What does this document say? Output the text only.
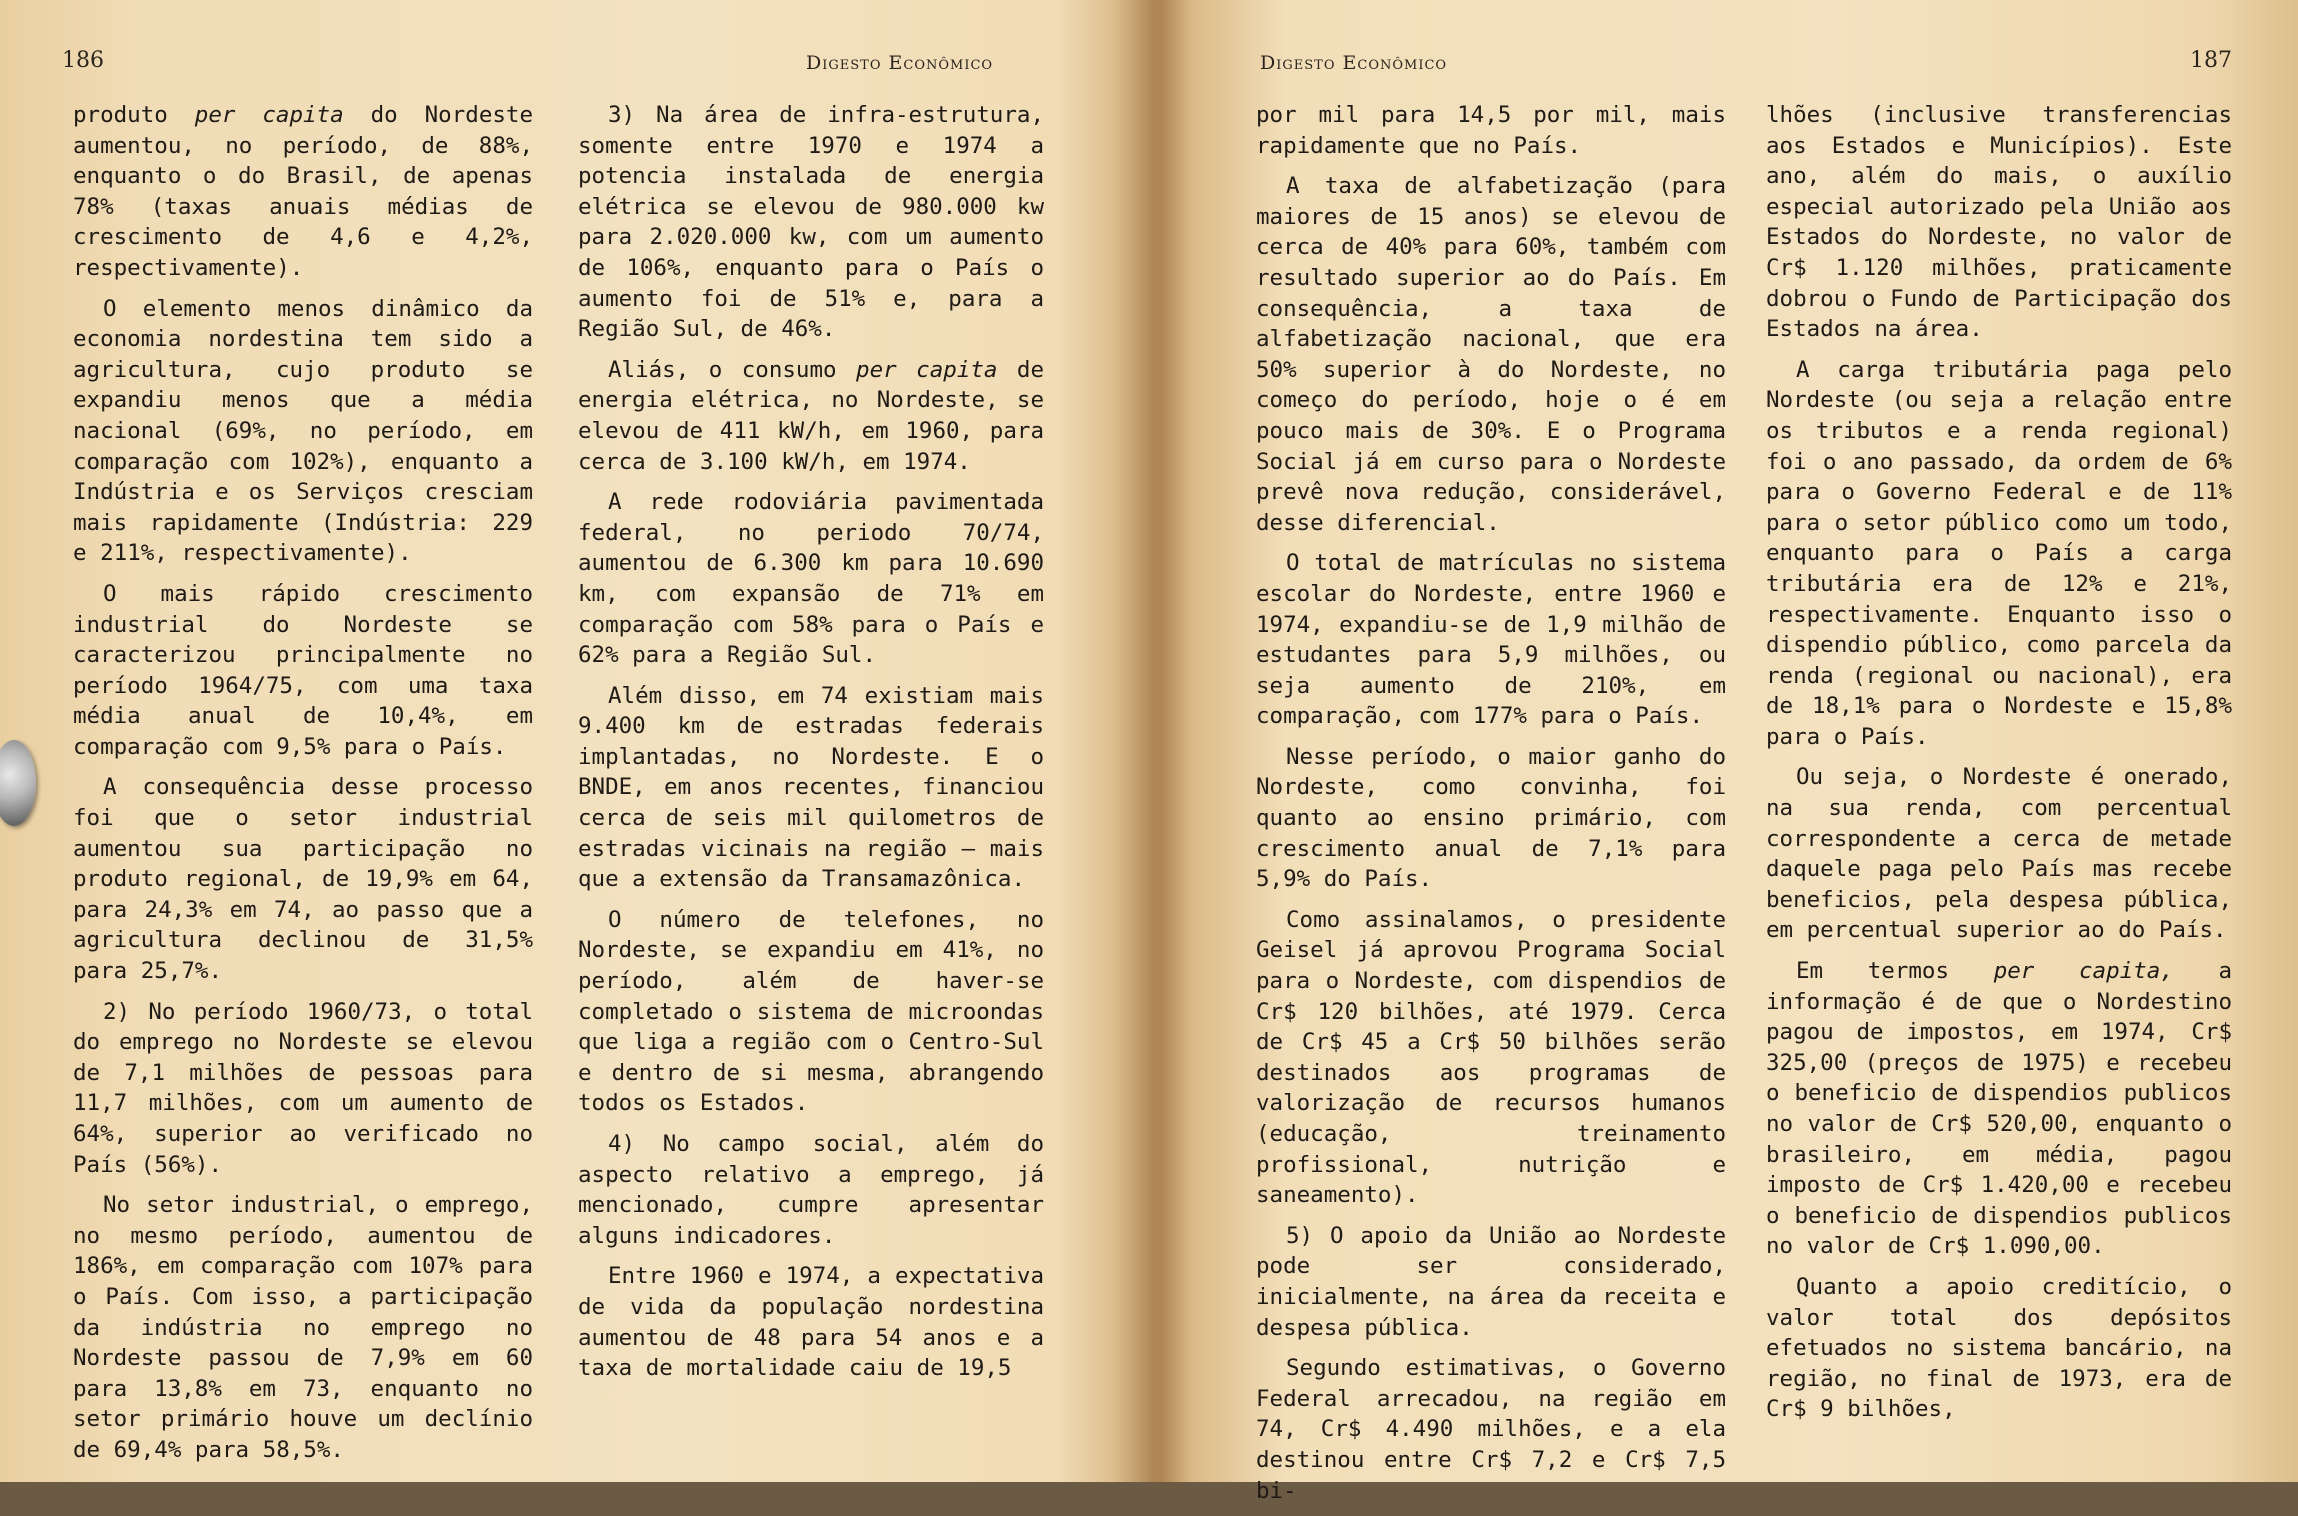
186	Digesto Econômico

produto per capita do Nordeste aumentou, no período, de 88%, enquanto o do Brasil, de apenas 78% (taxas anuais médias de crescimento de 4,6 e 4,2%, respectivamente).

O elemento menos dinâmico da economia nordestina tem sido a agricultura, cujo produto se expandiu menos que a média nacional (69%, no período, em comparação com 102%), enquanto a Indústria e os Serviços cresciam mais rapidamente (Indústria: 229 e 211%, respectivamente).

O mais rápido crescimento industrial do Nordeste se caracterizou principalmente no período 1964/75, com uma taxa média anual de 10,4%, em comparação com 9,5% para o País.

A consequência desse processo foi que o setor industrial aumentou sua participação no produto regional, de 19,9% em 64, para 24,3% em 74, ao passo que a agricultura declinou de 31,5% para 25,7%.

2) No período 1960/73, o total do emprego no Nordeste se elevou de 7,1 milhões de pessoas para 11,7 milhões, com um aumento de 64%, superior ao verificado no País (56%).

No setor industrial, o emprego, no mesmo período, aumentou de 186%, em comparação com 107% para o País. Com isso, a participação da indústria no emprego no Nordeste passou de 7,9% em 60 para 13,8% em 73, enquanto no setor primário houve um declínio de 69,4% para 58,5%.

3) Na área de infra-estrutura, somente entre 1970 e 1974 a potencia instalada de energia elétrica se elevou de 980.000 kw para 2.020.000 kw, com um aumento de 106%, enquanto para o País o aumento foi de 51% e, para a Região Sul, de 46%.

Aliás, o consumo per capita de energia elétrica, no Nordeste, se elevou de 411 kW/h, em 1960, para cerca de 3.100 kW/h, em 1974.

A rede rodoviária pavimentada federal, no periodo 70/74, aumentou de 6.300 km para 10.690 km, com expansão de 71% em comparação com 58% para o País e 62% para a Região Sul.

Além disso, em 74 existiam mais 9.400 km de estradas federais implantadas, no Nordeste. E o BNDE, em anos recentes, financiou cerca de seis mil quilometros de estradas vicinais na região — mais que a extensão da Transamazônica.

O número de telefones, no Nordeste, se expandiu em 41%, no período, além de haver-se completado o sistema de microondas que liga a região com o Centro-Sul e dentro de si mesma, abrangendo todos os Estados.

4) No campo social, além do aspecto relativo a emprego, já mencionado, cumpre apresentar alguns indicadores.

Entre 1960 e 1974, a expectativa de vida da população nordestina aumentou de 48 para 54 anos e a taxa de mortalidade caiu de 19,5

187
Digesto Econômico

por mil para 14,5 por mil, mais rapidamente que no País.

A taxa de alfabetização (para maiores de 15 anos) se elevou de cerca de 40% para 60%, também com resultado superior ao do País. Em consequência, a taxa de alfabetização nacional, que era 50% superior à do Nordeste, no começo do período, hoje o é em pouco mais de 30%. E o Programa Social já em curso para o Nordeste prevê nova redução, considerável, desse diferencial.

O total de matrículas no sistema escolar do Nordeste, entre 1960 e 1974, expandiu-se de 1,9 milhão de estudantes para 5,9 milhões, ou seja aumento de 210%, em comparação, com 177% para o País.

Nesse período, o maior ganho do Nordeste, como convinha, foi quanto ao ensino primário, com crescimento anual de 7,1% para 5,9% do País.

Como assinalamos, o presidente Geisel já aprovou Programa Social para o Nordeste, com dispendios de Cr$ 120 bilhões, até 1979. Cerca de Cr$ 45 a Cr$ 50 bilhões serão destinados aos programas de valorização de recursos humanos (educação, treinamento profissional, nutrição e saneamento).

5) O apoio da União ao Nordeste pode ser considerado, inicialmente, na área da receita e despesa pública.

Segundo estimativas, o Governo Federal arrecadou, na região em 74, Cr$ 4.490 milhões, e a ela destinou entre Cr$ 7,2 e Cr$ 7,5 bi-

lhões (inclusive transferencias aos Estados e Municípios). Este ano, além do mais, o auxílio especial autorizado pela União aos Estados do Nordeste, no valor de Cr$ 1.120 milhões, praticamente dobrou o Fundo de Participação dos Estados na área.

A carga tributária paga pelo Nordeste (ou seja a relação entre os tributos e a renda regional) foi o ano passado, da ordem de 6% para o Governo Federal e de 11% para o setor público como um todo, enquanto para o País a carga tributária era de 12% e 21%, respectivamente. Enquanto isso o dispendio público, como parcela da renda (regional ou nacional), era de 18,1% para o Nordeste e 15,8% para o País.

Ou seja, o Nordeste é onerado, na sua renda, com percentual correspondente a cerca de metade daquele paga pelo País mas recebe beneficios, pela despesa pública, em percentual superior ao do País.

Em termos per capita, a informação é de que o Nordestino pagou de impostos, em 1974, Cr$ 325,00 (preços de 1975) e recebeu o beneficio de dispendios publicos no valor de Cr$ 520,00, enquanto o brasileiro, em média, pagou imposto de Cr$ 1.420,00 e recebeu o beneficio de dispendios publicos no valor de Cr$ 1.090,00.

Quanto a apoio creditício, o valor total dos depósitos efetuados no sistema bancário, na região, no final de 1973, era de Cr$ 9 bilhões,
